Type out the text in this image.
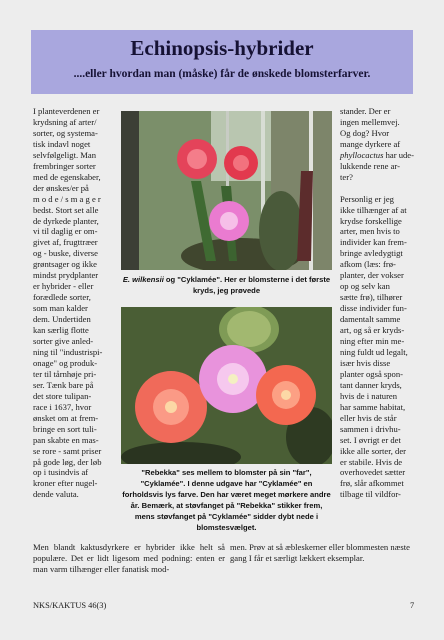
Echinopsis-hybrider
....eller hvordan man (måske) får de ønskede blomsterfarver.
I planteverdenen er
krydsning af arter/
sorter, og systema-
tisk indavl noget
selvfølgeligt. Man
frembringer sorter
med de egenskaber,
der ønskes/er på
m o d e / s m a g e r
bedst. Stort set alle
de dyrkede planter,
vi til daglig er om-
givet af, frugttræer
og - buske, diverse
grøntsager og ikke
mindst prydplanter
er hybrider - eller
forædlede sorter,
som man kalder
dem. Undertiden
kan særlig flotte
sorter give anled-
ning til "industrispi-
onage" og produk-
ter til tårnhøje pri-
ser. Tænk bare på
det store tulipan-
race i 1637, hvor
ønsket om at frem-
bringe en sort tuli-
pan skabte en mas-
se rore - samt priser
på gode løg, der løb
op i tusindvis af
kroner efter nugel-
dende valuta.
E. wilkensii og "Cyklamée". Her er blomsterne i det første kryds, jeg prøvede
"Rebekka" ses mellem to blomster på sin "far", "Cyklamée". I denne udgave har "Cyklamée" en forholdsvis lys farve. Den har været meget mørkere andre år. Bemærk, at støvfanget på "Rebekka" stikker frem, mens støvfanget på "Cyklamée" sidder dybt nede i blomstesvælget.
stander. Der er
ingen mellemvej.
Og dog? Hvor
mange dyrkere af
phyllocactus har ude-
lukkende rene ar-
ter?

Personlig er jeg
ikke tilhænger af at
krydse forskellige
arter, men hvis to
individer kan frem-
bringe avledygtigt
afkom (læs: frø-
planter, der vokser
op og selv kan
sætte frø), tilhører
disse individer fun-
damentalt samme
art, og så er kryds-
ning efter min me-
ning fuldt ud legalt,
især hvis disse
planter også spon-
tant danner kryds,
hvis de i naturen
har samme habitat,
eller hvis de står
sammen i drivhu-
set. I øvrigt er det
ikke alle sorter, der
er stabile. Hvis de
overhovedet sætter
frø, slår afkommet
tilbage til vildfor-
Men blandt kaktusdyrkere er hybrider ikke helt så populære. Det er lidt ligesom med podning: enten er man varm tilhænger eller fanatisk mod-
men. Prøv at så æbleskerner eller blommesten næste gang I får et særligt lækkert eksemplar.
NKS/KAKTUS 46(3)	7
